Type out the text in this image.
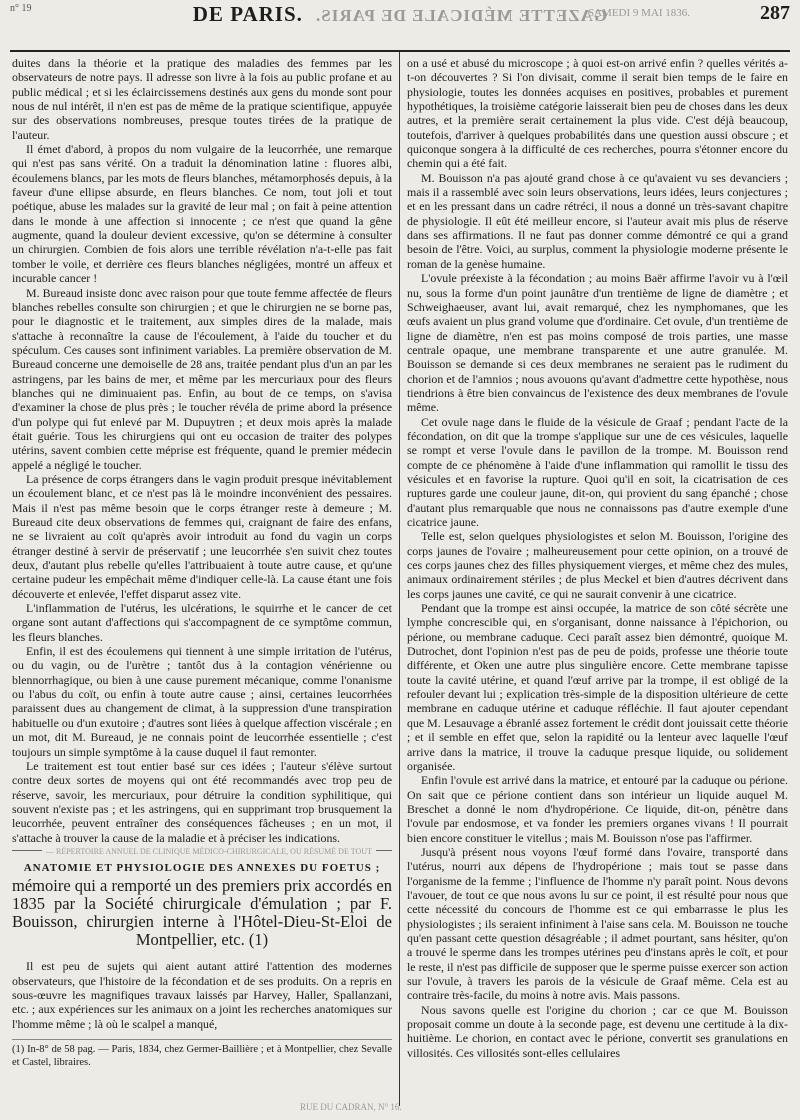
n° 19	DE PARIS. GAZETTE MÉDICALE DE PARIS.
SAMEDI 9 MAI 1836.	287

duites dans la théorie et la pratique des maladies des femmes par les observateurs de notre pays. Il adresse son livre à la fois au public profane et au public médical ; et si les éclaircissemens destinés aux gens du monde sont pour nous de nul intérêt, il n'en est pas de même de la pratique scientifique, appuyée sur des observations nombreuses, presque toutes tirées de la pratique de l'auteur.

Il émet d'abord, à propos du nom vulgaire de la leucorrhée, une remarque qui n'est pas sans vérité. On a traduit la dénomination latine : fluores albi, écoulemens blancs, par les mots de fleurs blanches, métamorphosés depuis, à la faveur d'une ellipse absurde, en fleurs blanches. Ce nom, tout joli et tout poétique, abuse les malades sur la gravité de leur mal ; on fait à peine attention dans le monde à une affection si innocente ; ce n'est que quand la gêne augmente, quand la douleur devient excessive, qu'on se détermine à consulter un chirurgien. Combien de fois alors une terrible révélation n'a-t-elle pas fait tomber le voile, et derrière ces fleurs blanches négligées, montré un affeux et incurable cancer !

M. Bureaud insiste donc avec raison pour que toute femme affectée de fleurs blanches rebelles consulte son chirurgien ; et que le chirurgien ne se borne pas, pour le diagnostic et le traitement, aux simples dires de la malade, mais s'attache à reconnaître la cause de l'écoulement, à l'aide du toucher et du spéculum. Ces causes sont infiniment variables. La première observation de M. Bureaud concerne une demoiselle de 28 ans, traitée pendant plus d'un an par les astringens, par les bains de mer, et même par les mercuriaux pour des fleurs blanches qui ne diminuaient pas. Enfin, au bout de ce temps, on s'avisa d'examiner la chose de plus près ; le toucher révéla de prime abord la présence d'un polype qui fut enlevé par M. Dupuytren ; et deux mois après la malade était guérie. Tous les chirurgiens qui ont eu occasion de traiter des polypes utérins, savent combien cette méprise est fréquente, quand le premier médecin appelé a négligé le toucher.

La présence de corps étrangers dans le vagin produit presque inévitablement un écoulement blanc, et ce n'est pas là le moindre inconvénient des pessaires. Mais il n'est pas même besoin que le corps étranger reste à demeure ; M. Bureaud cite deux observations de femmes qui, craignant de faire des enfans, ne se livraient au coït qu'après avoir introduit au fond du vagin un corps étranger destiné à servir de préservatif ; une leucorrhée s'en suivit chez toutes deux, d'autant plus rebelle qu'elles l'attribuaient à toute autre cause, et qu'une certaine pudeur les empêchait même d'indiquer celle-là. La cause étant une fois découverte et enlevée, l'effet disparut assez vite.

L'inflammation de l'utérus, les ulcérations, le squirrhe et le cancer de cet organe sont autant d'affections qui s'accompagnent de ce symptôme commun, les fleurs blanches.

Enfin, il est des écoulemens qui tiennent à une simple irritation de l'utérus, ou du vagin, ou de l'urètre ; tantôt dus à la contagion vénérienne ou blennorrhagique, ou bien à une cause purement mécanique, comme l'onanisme ou l'abus du coït, ou enfin à toute autre cause ; ainsi, certaines leucorrhées paraissent dues au changement de climat, à la suppression d'une transpiration habituelle ou d'un exutoire ; d'autres sont liées à quelque affection viscérale ; en un mot, dit M. Bureaud, je ne connais point de leucorrhée essentielle ; c'est toujours un simple symptôme à la cause duquel il faut remonter.

Le traitement est tout entier basé sur ces idées ; l'auteur s'élève surtout contre deux sortes de moyens qui ont été recommandés avec trop peu de réserve, savoir, les mercuriaux, pour détruire la condition syphilitique, qui souvent n'existe pas ; et les astringens, qui en supprimant trop brusquement la leucorrhée, peuvent entraîner des conséquences fâcheuses ; en un mot, il s'attache à trouver la cause de la maladie et à préciser les indications.

— RÉPERTOIRE ANNUEL DE CLINIQUE MÉDICO-CHIRURGICALE, OU RÉSUMÉ DE TOUT
ANATOMIE ET PHYSIOLOGIE DES ANNEXES DU FOETUS ;
mémoire qui a remporté un des premiers prix accordés en 1835 par la Société chirurgicale d'émulation ; par F. Bouisson, chirurgien interne à l'Hôtel-Dieu-St-Eloi de Montpellier, etc. (1)

Il est peu de sujets qui aient autant attiré l'attention des modernes observateurs, que l'histoire de la fécondation et de ses produits. On a repris en sous-œuvre les magnifiques travaux laissés par Harvey, Haller, Spallanzani, etc. ; aux expériences sur les animaux on a joint les recherches anatomiques sur l'homme même ; là où le scalpel a manqué,

(1) In-8° de 58 pag. — Paris, 1834, chez Germer-Baillière ; et à Montpellier, chez Sevalle et Castel, libraires.

on a usé et abusé du microscope ; à quoi est-on arrivé enfin ? quelles vérités a-t-on découvertes ? Si l'on divisait, comme il serait bien temps de le faire en physiologie, toutes les données acquises en positives, probables et purement hypothétiques, la troisième catégorie laisserait bien peu de choses dans les deux autres, et la première serait certainement la plus vide. C'est déjà beaucoup, toutefois, d'arriver à quelques probabilités dans une question aussi obscure ; et quiconque songera à la difficulté de ces recherches, pourra s'étonner encore du chemin qui a été fait.

M. Bouisson n'a pas ajouté grand chose à ce qu'avaient vu ses devanciers ; mais il a rassemblé avec soin leurs observations, leurs idées, leurs conjectures ; et en les pressant dans un cadre rétréci, il nous a donné un très-savant chapitre de physiologie. Il eût été meilleur encore, si l'auteur avait mis plus de réserve dans ses affirmations. Il ne faut pas donner comme démontré ce qui a grand besoin de l'être. Voici, au surplus, comment la physiologie moderne présente le roman de la genèse humaine.

L'ovule préexiste à la fécondation ; au moins Baër affirme l'avoir vu à l'œil nu, sous la forme d'un point jaunâtre d'un trentième de ligne de diamètre ; et Schweighaeuser, avant lui, avait remarqué, chez les nymphomanes, que les œufs avaient un plus grand volume que d'ordinaire. Cet ovule, d'un trentième de ligne de diamètre, n'en est pas moins composé de trois parties, une masse centrale opaque, une membrane transparente et une autre granulée. M. Bouisson se demande si ces deux membranes ne seraient pas le rudiment du chorion et de l'amnios ; nous avouons qu'avant d'admettre cette hypothèse, nous tiendrions à être bien convaincus de l'existence des deux membranes de l'ovule même.

Cet ovule nage dans le fluide de la vésicule de Graaf ; pendant l'acte de la fécondation, on dit que la trompe s'applique sur une de ces vésicules, laquelle se rompt et verse l'ovule dans le pavillon de la trompe. M. Bouisson rend compte de ce phénomène à l'aide d'une inflammation qui ramollit le tissu des vésicules et en favorise la rupture. Quoi qu'il en soit, la cicatrisation de ces ruptures garde une couleur jaune, dit-on, qui provient du sang épanché ; chose d'autant plus remarquable que nous ne connaissons pas d'autre exemple d'une cicatrice jaune.

Telle est, selon quelques physiologistes et selon M. Bouisson, l'origine des corps jaunes de l'ovaire ; malheureusement pour cette opinion, on a trouvé de ces corps jaunes chez des filles physiquement vierges, et même chez des mules, animaux ordinairement stériles ; de plus Meckel et bien d'autres décrivent dans les corps jaunes une cavité, ce qui ne saurait convenir à une cicatrice.

Pendant que la trompe est ainsi occupée, la matrice de son côté sécrète une lymphe concrescible qui, en s'organisant, donne naissance à l'épichorion, ou périone, ou membrane caduque. Ceci paraît assez bien démontré, quoique M. Dutrochet, dont l'opinion n'est pas de peu de poids, professe une théorie toute différente, et Oken une autre plus singulière encore. Cette membrane tapisse toute la cavité utérine, et quand l'œuf arrive par la trompe, il est obligé de la refouler devant lui ; explication très-simple de la disposition ultérieure de cette membrane en caduque utérine et caduque réfléchie. Il faut ajouter cependant que M. Lesauvage a ébranlé assez fortement le crédit dont jouissait cette théorie ; et il semble en effet que, selon la rapidité ou la lenteur avec laquelle l'œuf arrive dans la matrice, il trouve la caduque presque liquide, ou solidement organisée.

Enfin l'ovule est arrivé dans la matrice, et entouré par la caduque ou périone. On sait que ce périone contient dans son intérieur un liquide auquel M. Breschet a donné le nom d'hydropérione. Ce liquide, dit-on, pénètre dans l'ovule par endosmose, et va fonder les premiers organes vivans ! Il pourrait bien encore constituer le vitellus ; mais M. Bouisson n'ose pas l'affirmer.

Jusqu'à présent nous voyons l'œuf formé dans l'ovaire, transporté dans l'utérus, nourri aux dépens de l'hydropérione ; mais tout se passe dans l'organisme de la femme ; l'influence de l'homme n'y paraît point. Nous devons l'avouer, de tout ce que nous avons lu sur ce point, il est résulté pour nous que cette nécessité du concours de l'homme est ce qui embarrasse le plus les physiologistes ; ils seraient infiniment à l'aise sans cela. M. Bouisson ne touche qu'en passant cette question désagréable ; il admet pourtant, sans hésiter, qu'on a trouvé le sperme dans les trompes utérines peu d'instans après le coït, et pour le reste, il n'est pas difficile de supposer que le sperme puisse exercer son action sur l'ovule, à travers les parois de la vésicule de Graaf même. Cela est au contraire très-facile, du moins à notre avis. Mais passons.

Nous savons quelle est l'origine du chorion ; car ce que M. Bouisson proposait comme un doute à la seconde page, est devenu une certitude à la dix-huitième. Le chorion, en contact avec le périone, convertit ses granulations en villosités. Ces villosités sont-elles cellulaires

RUE DU CADRAN, N° 16.
